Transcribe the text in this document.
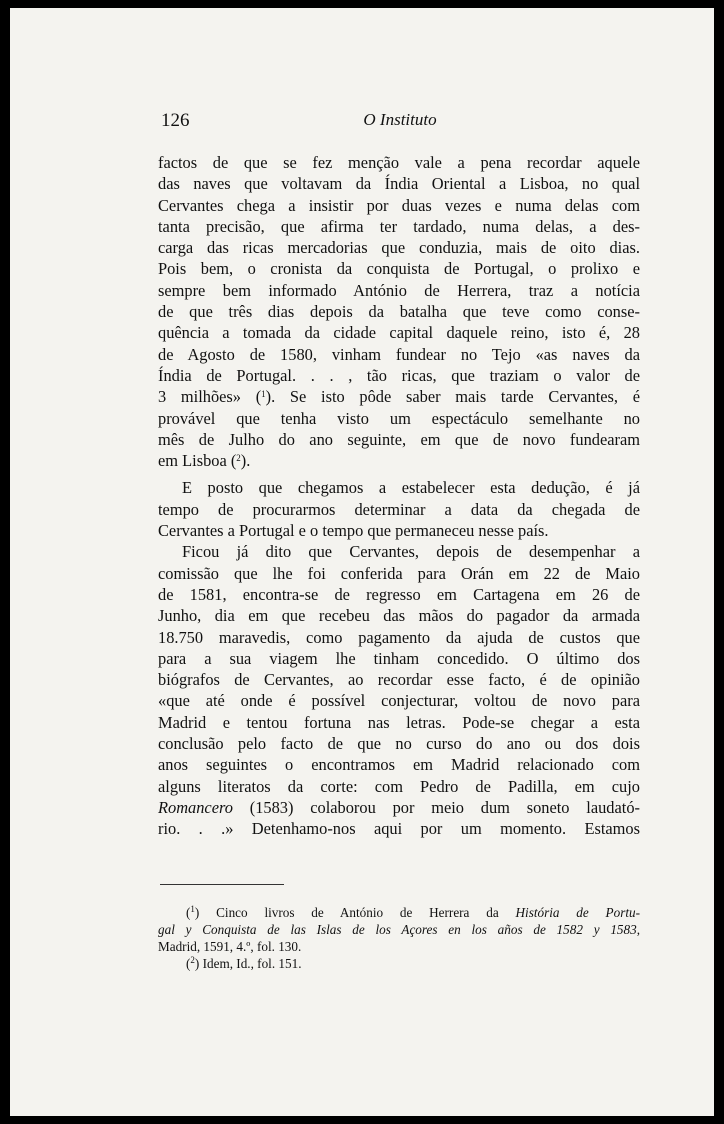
126	O Instituto
factos de que se fez menção vale a pena recordar aquele
das naves que voltavam da Índia Oriental a Lisboa, no qual
Cervantes chega a insistir por duas vezes e numa delas com
tanta precisão, que afirma ter tardado, numa delas, a des-
carga das ricas mercadorias que conduzia, mais de oito dias.
Pois bem, o cronista da conquista de Portugal, o prolixo e
sempre bem informado António de Herrera, traz a notícia
de que três dias depois da batalha que teve como conse-
quência a tomada da cidade capital daquele reino, isto é, 28
de Agosto de 1580, vinham fundear no Tejo «as naves da
Índia de Portugal. . . , tão ricas, que traziam o valor de
3 milhões» ($^1$). Se isto pôde saber mais tarde Cervantes, é
provável que tenha visto um espectáculo semelhante no
mês de Julho do ano seguinte, em que de novo fundearam
em Lisboa ($^2$).
E posto que chegamos a estabelecer esta dedução, é já
tempo de procurarmos determinar a data da chegada de
Cervantes a Portugal e o tempo que permaneceu nesse país.
Ficou já dito que Cervantes, depois de desempenhar a
comissão que lhe foi conferida para Orán em 22 de Maio
de 1581, encontra-se de regresso em Cartagena em 26 de
Junho, dia em que recebeu das mãos do pagador da armada
18.750 maravedis, como pagamento da ajuda de custos que
para a sua viagem lhe tinham concedido. O último dos
biógrafos de Cervantes, ao recordar esse facto, é de opinião
«que até onde é possível conjecturar, voltou de novo para
Madrid e tentou fortuna nas letras. Pode-se chegar a esta
conclusão pelo facto de que no curso do ano ou dos dois
anos seguintes o encontramos em Madrid relacionado com
alguns literatos da corte: com Pedro de Padilla, em cujo
Romancero (1583) colaborou por meio dum soneto laudató-
rio. . .» Detenhamo-nos aqui por um momento. Estamos
($^1$) Cinco livros de António de Herrera da História de Portu-
gal y Conquista de las Islas de los Açores en los años de 1582 y 1583,
Madrid, 1591, 4.º, fol. 130.
($^2$) Idem, Id., fol. 151.
